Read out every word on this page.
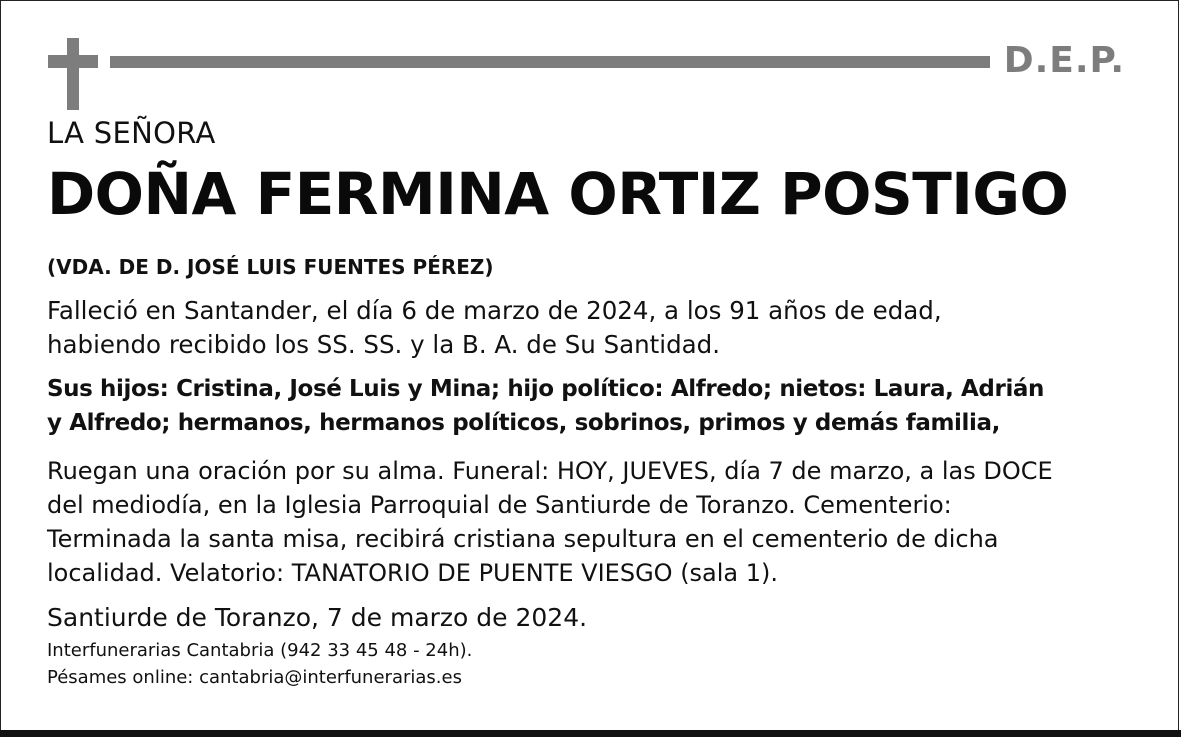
D.E.P.
LA SEÑORA
DOÑA FERMINA ORTIZ POSTIGO
(VDA. DE D. JOSÉ LUIS FUENTES PÉREZ)
Falleció en Santander, el día 6 de marzo de 2024, a los 91 años de edad,
habiendo recibido los SS. SS. y la B. A. de Su Santidad.
Sus hijos: Cristina, José Luis y Mina; hijo político: Alfredo; nietos: Laura, Adrián
y Alfredo; hermanos, hermanos políticos, sobrinos, primos y demás familia,
Ruegan una oración por su alma. Funeral: HOY, JUEVES, día 7 de marzo, a las DOCE
del mediodía, en la Iglesia Parroquial de Santiurde de Toranzo. Cementerio:
Terminada la santa misa, recibirá cristiana sepultura en el cementerio de dicha
localidad. Velatorio: TANATORIO DE PUENTE VIESGO (sala 1).
Santiurde de Toranzo, 7 de marzo de 2024.
Interfunerarias Cantabria (942 33 45 48 - 24h).
Pésames online: cantabria@interfunerarias.es
